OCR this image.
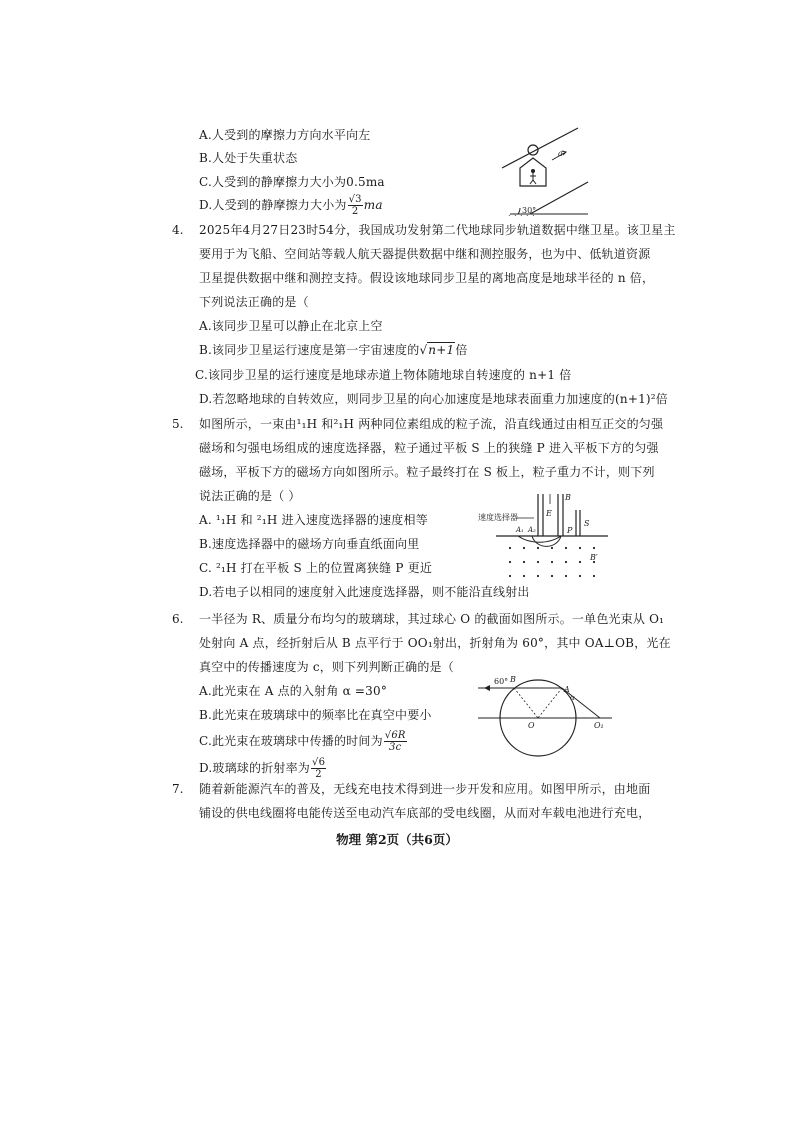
A.人受到的摩擦力方向水平向左
B.人处于失重状态
C.人受到的静摩擦力大小为0.5ma
D.人受到的静摩擦力大小为 $\frac{√3}{2}$ ma
a
30°
4. 2025年4月27日23时54分，我国成功发射第二代地球同步轨道数据中继卫星。该卫星主
要用于为飞船、空间站等载人航天器提供数据中继和测控服务，也为中、低轨道资源
卫星提供数据中继和测控支持。假设该地球同步卫星的离地高度是地球半径的 n 倍，
下列说法正确的是（
A.该同步卫星可以静止在北京上空
B.该同步卫星运行速度是第一宇宙速度的√n+1倍
C.该同步卫星的运行速度是地球赤道上物体随地球自转速度的 n+1 倍
D.若忽略地球的自转效应，则同步卫星的向心加速度是地球表面重力加速度的(n+1)²倍
5. 如图所示，一束由¹₁H 和²₁H 两种同位素组成的粒子流，沿直线通过由相互正交的匀强
磁场和匀强电场组成的速度选择器，粒子通过平板 S 上的狭缝 P 进入平板下方的匀强
磁场，平板下方的磁场方向如图所示。粒子最终打在 S 板上，粒子重力不计，则下列
说法正确的是（ ）
A. ¹₁H 和 ²₁H 进入速度选择器的速度相等
B.速度选择器中的磁场方向垂直纸面向里
C. ²₁H 打在平板 S 上的位置离狭缝 P 更近
D.若电子以相同的速度射入此速度选择器，则不能沿直线射出
速度选择器	E
B
P
S
A₁ A₂
B′
6. 一半径为 R、质量分布均匀的玻璃球，其过球心 O 的截面如图所示。一单色光束从 O₁
处射向 A 点，经折射后从 B 点平行于 OO₁射出，折射角为 60°，其中 OA⊥OB，光在
真空中的传播速度为 c，则下列判断正确的是（
A.此光束在 A 点的入射角 α =30°
B.此光束在玻璃球中的频率比在真空中要小
C.此光束在玻璃球中传播的时间为 $\frac{√6R}{3c}$
D.玻璃球的折射率为 $\frac{√6}{2}$
60° B
A
α
O	O₁
7. 随着新能源汽车的普及，无线充电技术得到进一步开发和应用。如图甲所示，由地面
铺设的供电线圈将电能传送至电动汽车底部的受电线圈，从而对车载电池进行充电，
物理 第2页（共6页）
